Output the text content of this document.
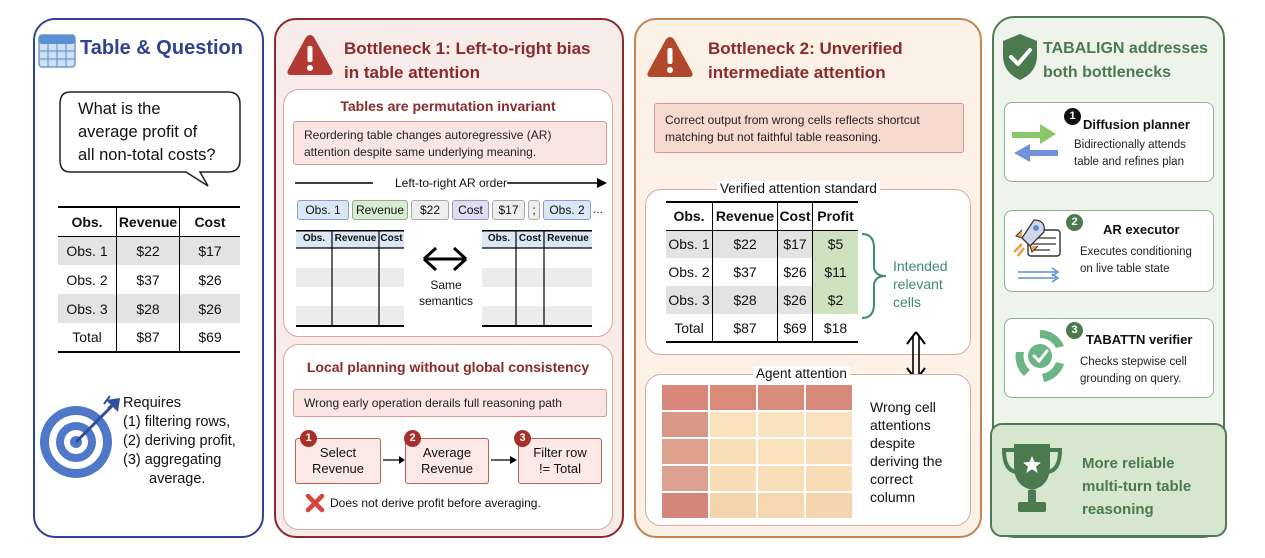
Table & Question
What is the
average profit of
all non-total costs?
Obs.	Revenue	Cost
Obs. 1	$22	$17
Obs. 2	$37	$26
Obs. 3	$28	$26
Total	$87	$69
Requires
(1) filtering rows,
(2) deriving profit,
(3) aggregating
average.
Bottleneck 1: Left-to-right bias
in table attention
Tables are permutation invariant
Reordering table changes autoregressive (AR)
attention despite same underlying meaning.
Left-to-right AR order
Obs. 1	Revenue	$22	Cost	$17	;	Obs. 2 ...
Obs. Revenue Cost	Obs. Cost Revenue
Same
semantics
Local planning without global consistency
Wrong early operation derails full reasoning path
Select
Revenue
Average
Revenue
Filter row
!= Total
1	2	3
Does not derive profit before averaging.
Bottleneck 2: Unverified
intermediate attention
Correct output from wrong cells reflects shortcut
matching but not faithful table reasoning.
Verified attention standard
Obs.	Revenue	Cost	Profit
Obs. 1	$22	$17	$5
Obs. 2	$37	$26	$11
Obs. 3	$28	$26	$2
Total	$87	$69	$18
Intended
relevant
cells
Agent attention
Wrong cell
attentions
despite
deriving the
correct
column
TABALIGN addresses
both bottlenecks
1
Diffusion planner
Bidirectionally attends
table and refines plan
2	AR executor
Executes conditioning
on live table state
3
TABATTN verifier
Checks stepwise cell
grounding on query.
More reliable
multi-turn table
reasoning
